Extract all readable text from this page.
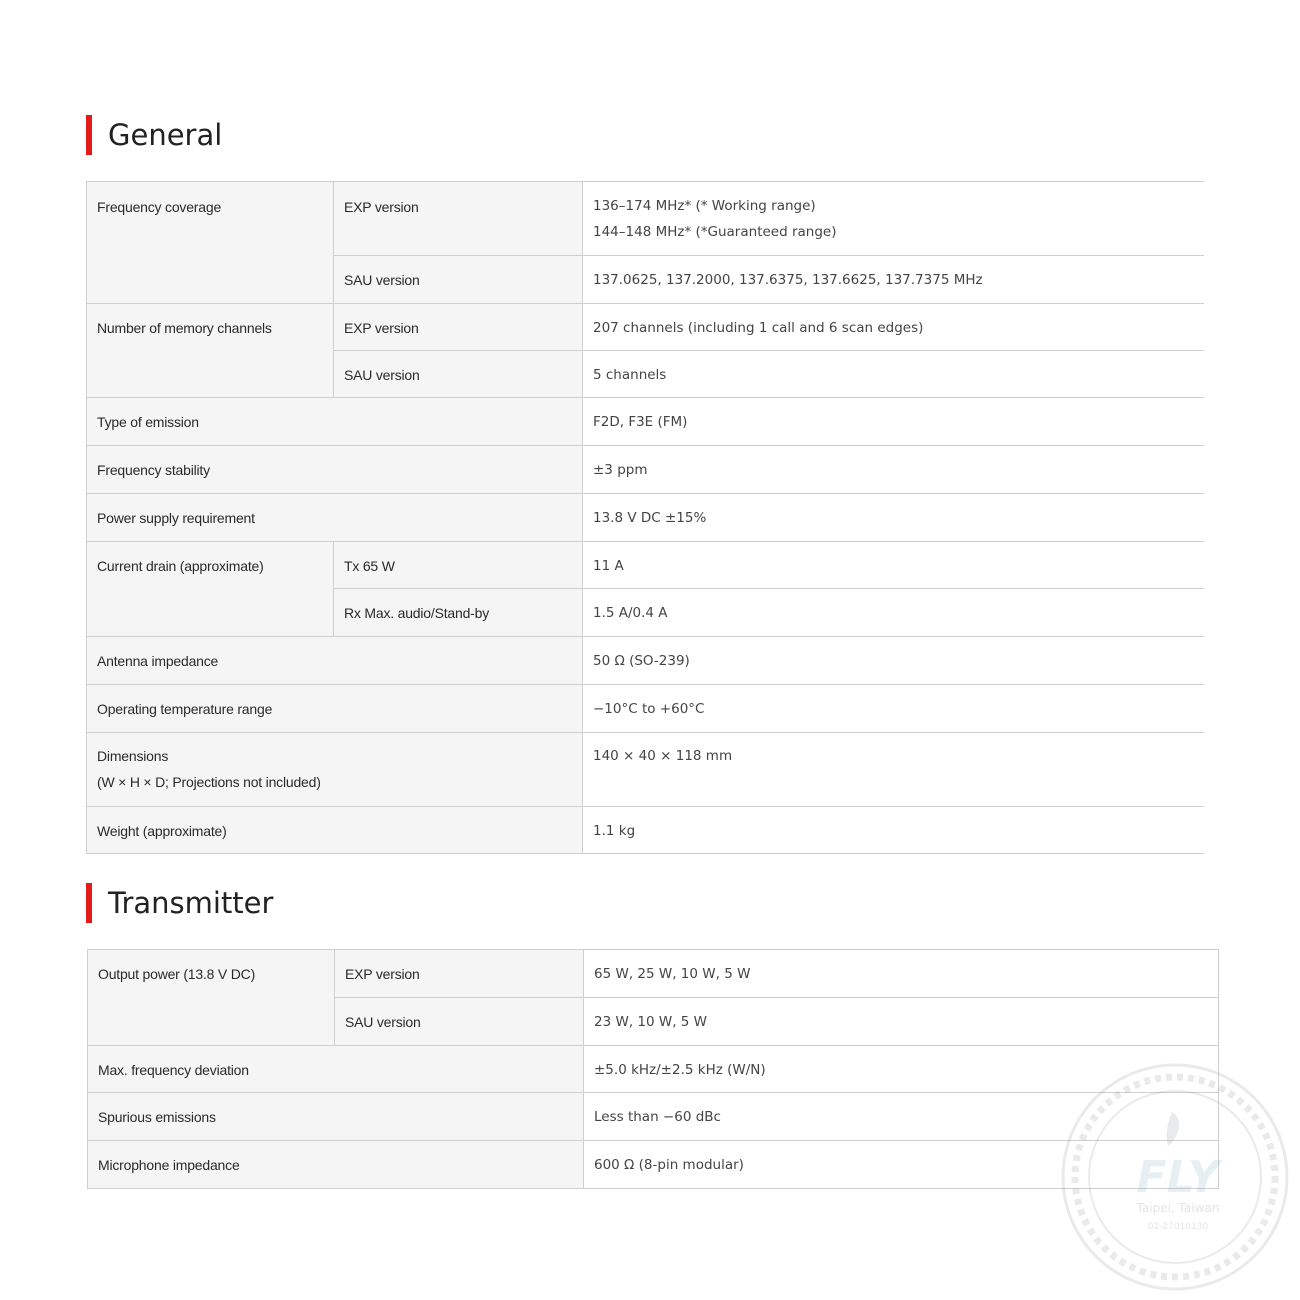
General
Frequency coverage	EXP version	136–174 MHz* (* Working range)
144–148 MHz* (*Guaranteed range)

	SAU version	137.0625, 137.2000, 137.6375, 137.6625, 137.7375 MHz
Number of memory channels	EXP version	207 channels (including 1 call and 6 scan edges)
	SAU version	5 channels
Type of emission		F2D, F3E (FM)
Frequency stability		±3 ppm
Power supply requirement		13.8 V DC ±15%
Current drain (approximate)	Tx 65 W	11 A
	Rx Max. audio/Stand-by	1.5 A/0.4 A
Antenna impedance		50 Ω (SO-239)
Operating temperature range		−10°C to +60°C

Dimensions
(W × H × D; Projections not included)		140 × 40 × 118 mm
Weight (approximate)		1.1 kg
Transmitter
Output power (13.8 V DC)	EXP version	65 W, 25 W, 10 W, 5 W
	SAU version	23 W, 10 W, 5 W
Max. frequency deviation		±5.0 kHz/±2.5 kHz (W/N)
Spurious emissions		Less than −60 dBc
Microphone impedance		600 Ω (8-pin modular)	FLY
Taipei, Taiwan
02-27010130
